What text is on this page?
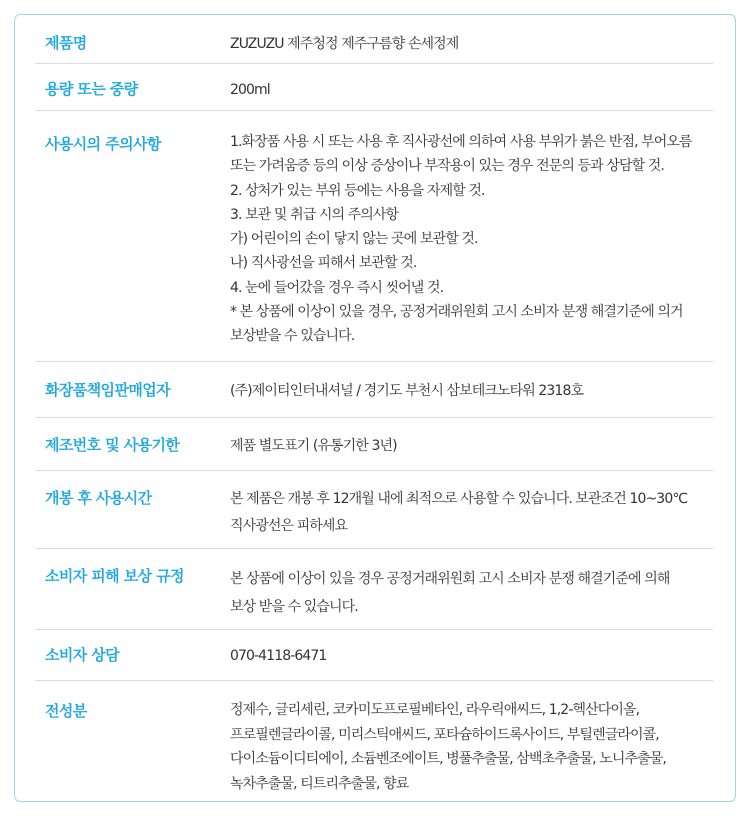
제품명	ZUZUZU 제주청정 제주구름향 손세정제
용량 또는 중량	200ml
사용시의 주의사항	1.화장품 사용 시 또는 사용 후 직사광선에 의하여 사용 부위가 붉은 반점, 부어오름
또는 가려움증 등의 이상 증상이나 부작용이 있는 경우 전문의 등과 상담할 것.
2. 상처가 있는 부위 등에는 사용을 자제할 것.
3. 보관 및 취급 시의 주의사항
가) 어린이의 손이 닿지 않는 곳에 보관할 것.
나) 직사광선을 피해서 보관할 것.
4. 눈에 들어갔을 경우 즉시 씻어낼 것.
* 본 상품에 이상이 있을 경우, 공정거래위원회 고시 소비자 분쟁 해결기준에 의거
보상받을 수 있습니다.
화장품책임판매업자	(주)제이티인터내셔널 / 경기도 부천시 삼보테크노타워 2318호
제조번호 및 사용기한	제품 별도표기 (유통기한 3년)
개봉 후 사용시간	본 제품은 개봉 후 12개월 내에 최적으로 사용할 수 있습니다. 보관조건 10~30℃
직사광선은 피하세요
소비자 피해 보상 규정	본 상품에 이상이 있을 경우 공정거래위원회 고시 소비자 분쟁 해결기준에 의해
보상 받을 수 있습니다.
소비자 상담	070-4118-6471
전성분	정제수, 글리세린, 코카미도프로필베타인, 라우릭애씨드, 1,2-헥산다이올,
프로필렌글라이콜, 미리스틱애씨드, 포타슘하이드록사이드, 부틸렌글라이콜,
다이소듐이디티에이, 소듐벤조에이트, 병풀추출물, 삼백초추출물, 노니추출물,
녹차추출물, 티트리추출물, 향료
